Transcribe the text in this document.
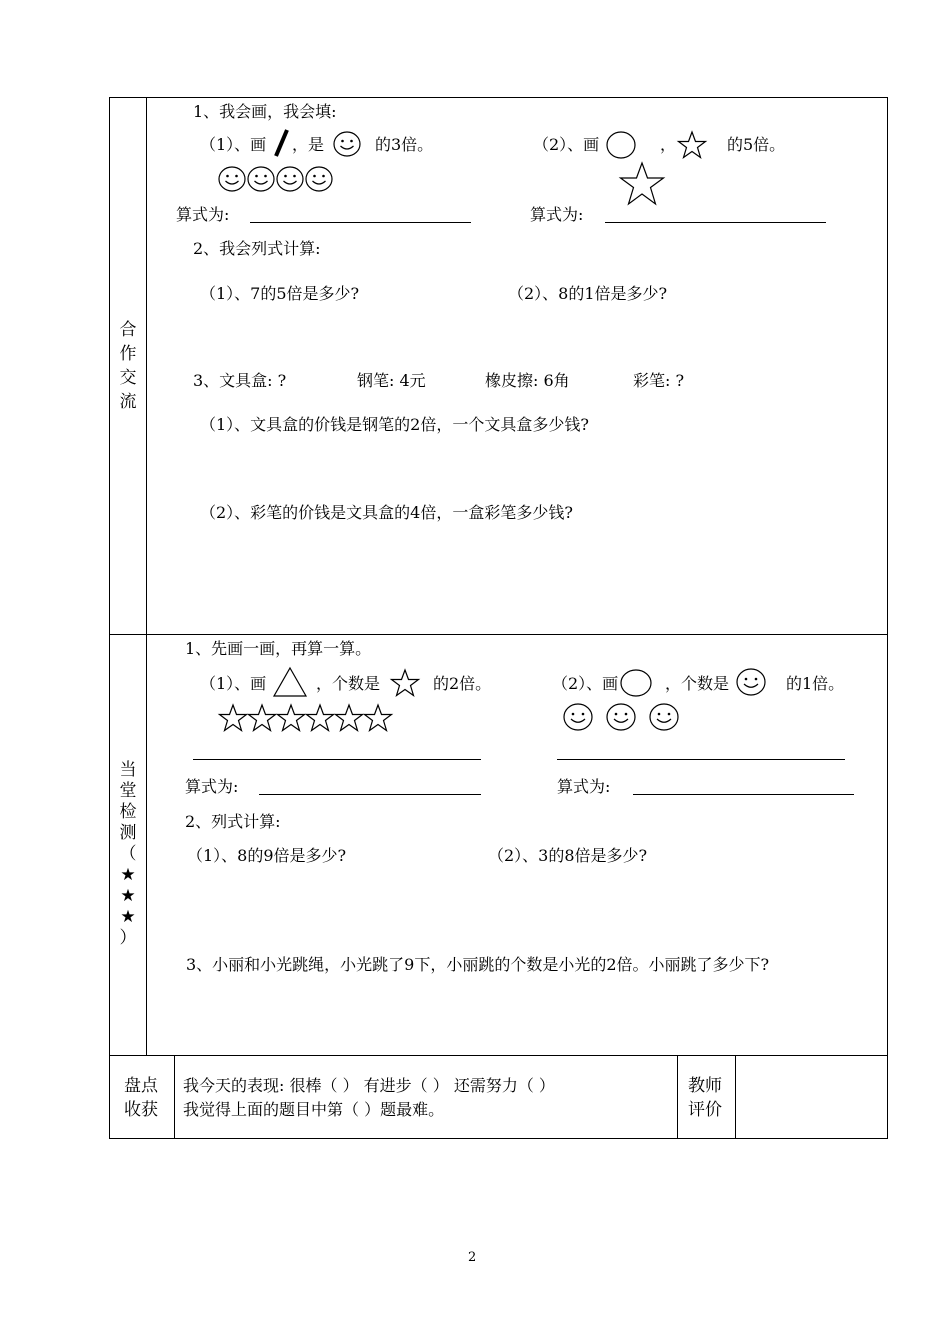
合
作
交
流
1、我会画，我会填:
（1）、画 ，是	的3倍。	（2）、画	，	的5倍。
算式为:	算式为:
2、我会列式计算:
（1）、7的5倍是多少?	（2）、8的1倍是多少?
3、文具盒: ?	钢笔: 4元	橡皮擦: 6角	彩笔: ?
（1）、文具盒的价钱是钢笔的2倍，一个文具盒多少钱?
（2）、彩笔的价钱是文具盒的4倍，一盒彩笔多少钱?
当
堂
检
测
（
★
★
★
）
1、先画一画，再算一算。
（1）、画	，个数是	的2倍。	（2）、画	，个数是	的1倍。
算式为:	算式为:
2、列式计算:
（1）、8的9倍是多少?	（2）、3的8倍是多少?
3、小丽和小光跳绳，小光跳了9下，小丽跳的个数是小光的2倍。小丽跳了多少下?
盘点
收获
我今天的表现: 很棒（ ） 有进步（ ） 还需努力（ ）
我觉得上面的题目中第（ ）题最难。
教师
评价
2
